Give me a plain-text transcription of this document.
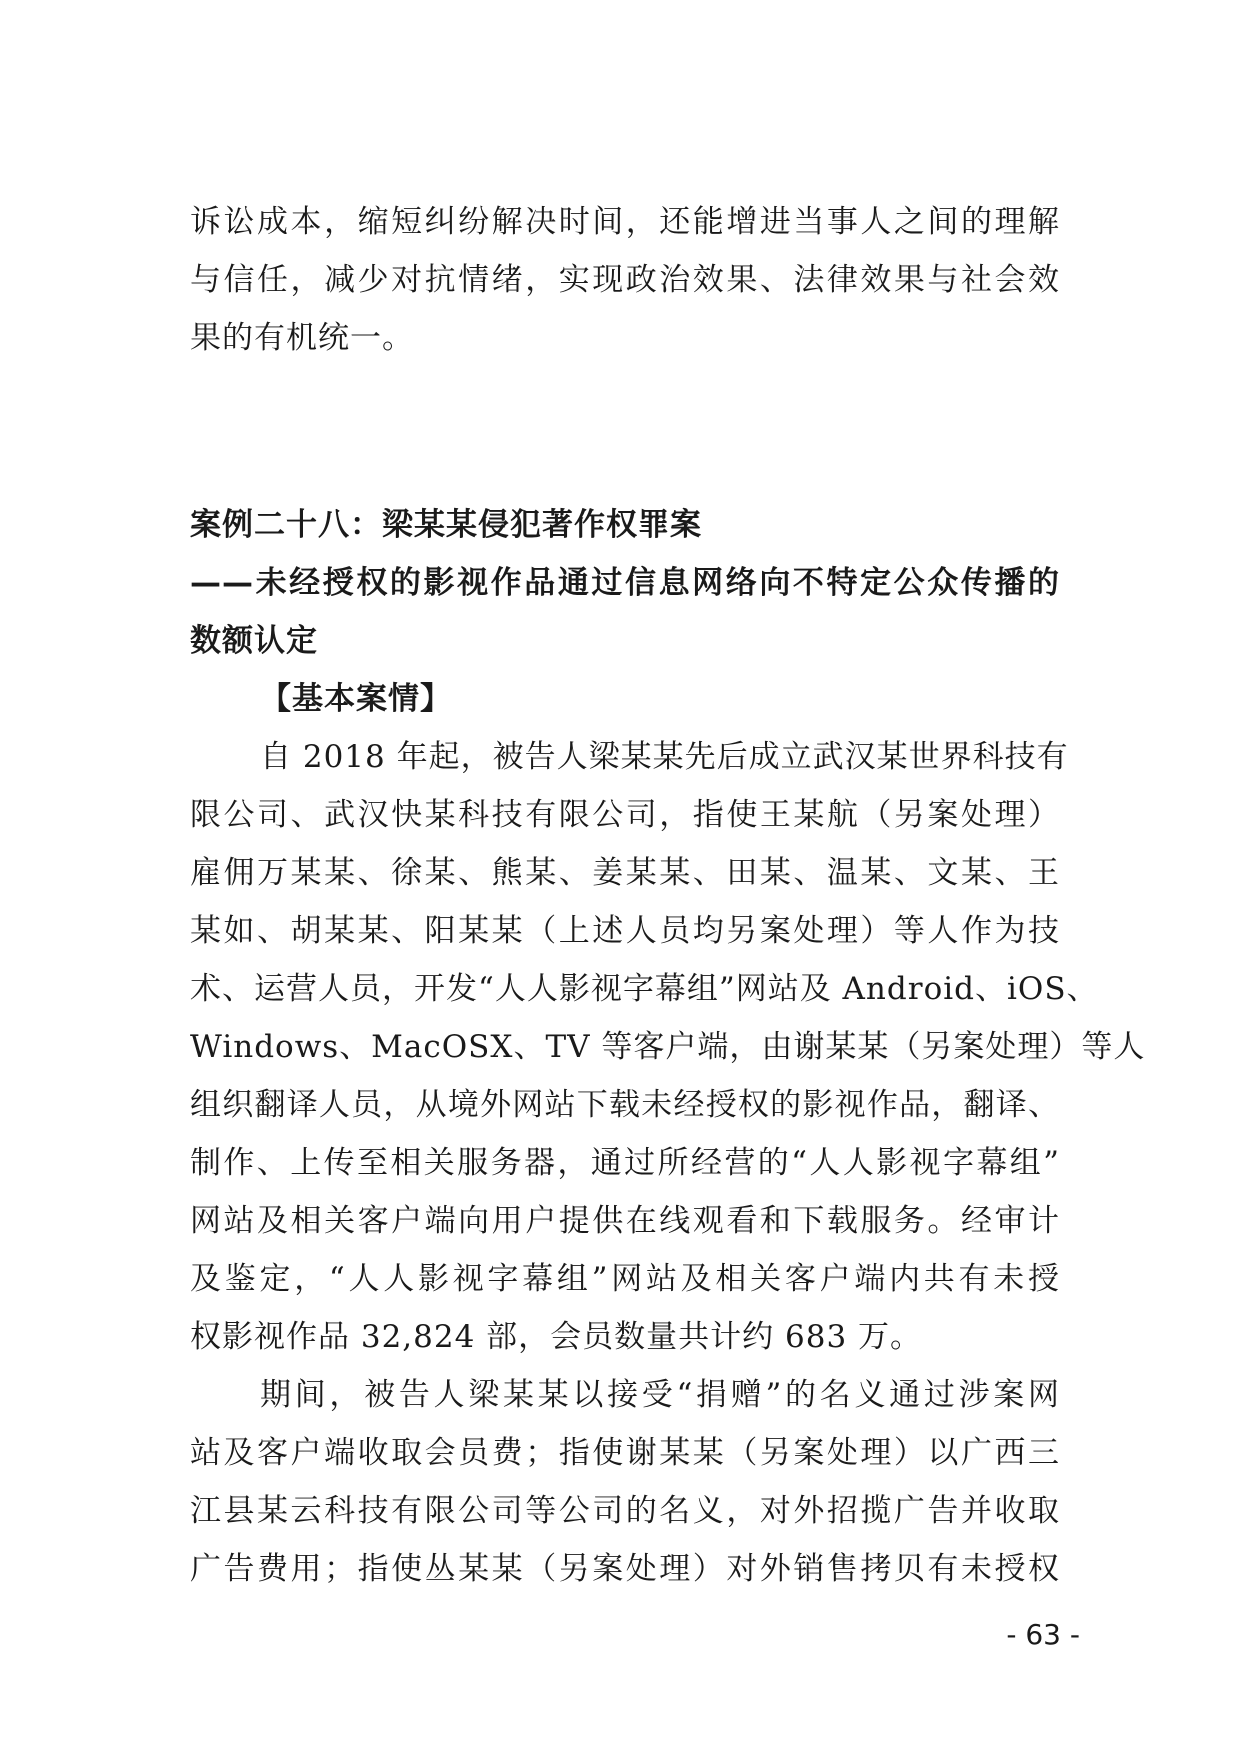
诉讼成本，缩短纠纷解决时间，还能增进当事人之间的理解

与信任，减少对抗情绪，实现政治效果、法律效果与社会效

果的有机统一。

案例二十八：梁某某侵犯著作权罪案

——未经授权的影视作品通过信息网络向不特定公众传播的

数额认定

【基本案情】

自 2018 年起，被告人梁某某先后成立武汉某世界科技有

限公司、武汉快某科技有限公司，指使王某航（另案处理）

雇佣万某某、徐某、熊某、姜某某、田某、温某、文某、王

某如、胡某某、阳某某（上述人员均另案处理）等人作为技

术、运营人员，开发“人人影视字幕组”网站及 Android、iOS、

Windows、MacOSX、TV 等客户端，由谢某某（另案处理）等人

组织翻译人员，从境外网站下载未经授权的影视作品，翻译、

制作、上传至相关服务器，通过所经营的“人人影视字幕组”

网站及相关客户端向用户提供在线观看和下载服务。经审计

及鉴定，“人人影视字幕组”网站及相关客户端内共有未授

权影视作品 32,824 部，会员数量共计约 683 万。

期间，被告人梁某某以接受“捐赠”的名义通过涉案网

站及客户端收取会员费；指使谢某某（另案处理）以广西三

江县某云科技有限公司等公司的名义，对外招揽广告并收取

广告费用；指使丛某某（另案处理）对外销售拷贝有未授权

- 63 -
